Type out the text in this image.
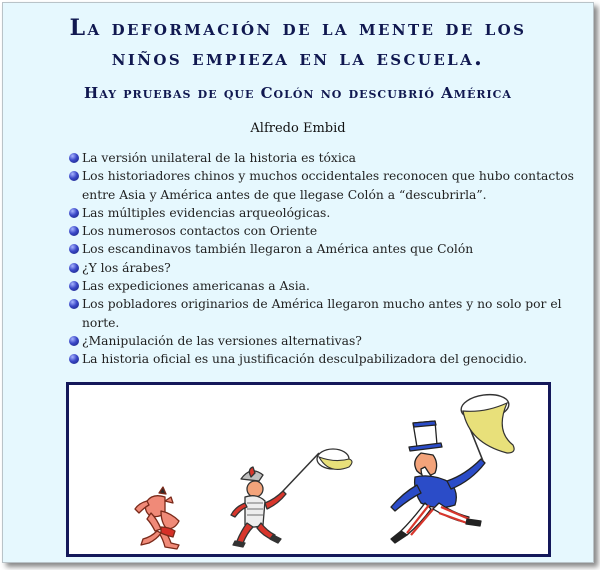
La deformación de la mente de los
niños empieza en la escuela.
Hay pruebas de que Colón no descubrió América
Alfredo Embid
La versión unilateral de la historia es tóxica
Los historiadores chinos y muchos occidentales reconocen que hubo contactos entre Asia y América antes de que llegase Colón a “descubrirla”.
Las múltiples evidencias arqueológicas.
Los numerosos contactos con Oriente
Los escandinavos también llegaron a América antes que Colón
¿Y los árabes?
Las expediciones americanas a Asia.
Los pobladores originarios de América llegaron mucho antes y no solo por el norte.
¿Manipulación de las versiones alternativas?
La historia oficial es una justificación desculpabilizadora del genocidio.
